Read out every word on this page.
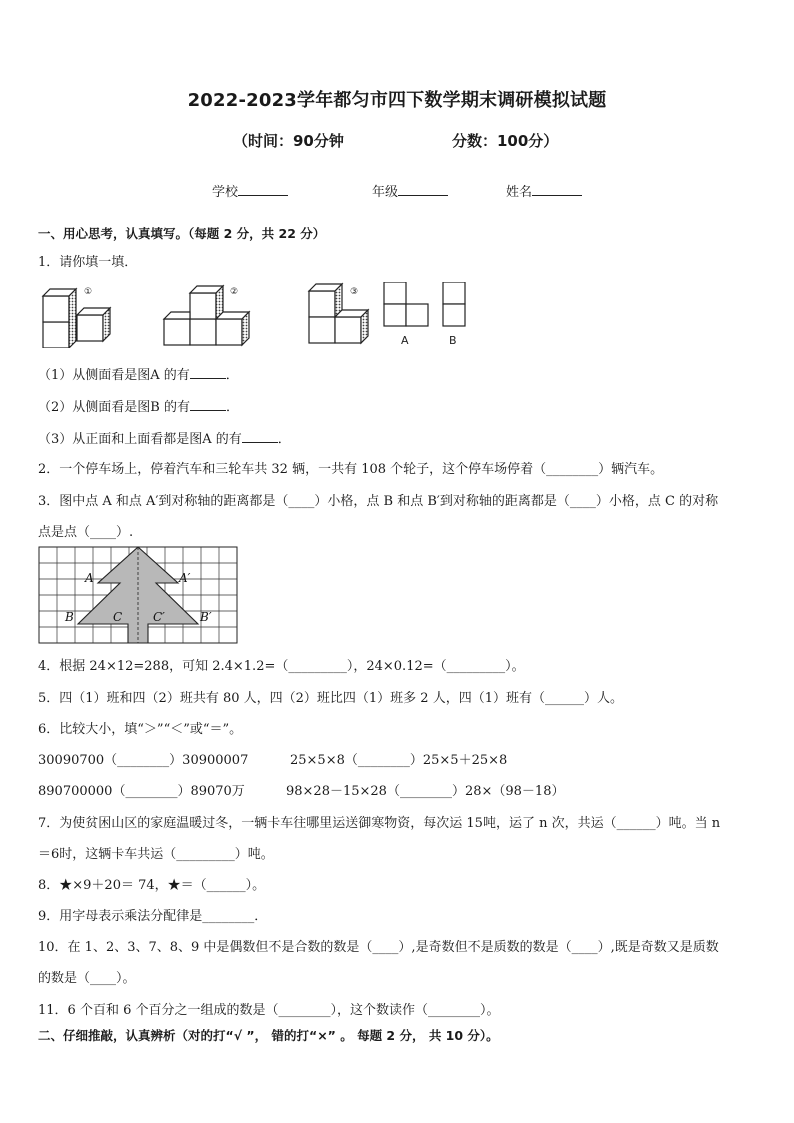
2022-2023学年都匀市四下数学期末调研模拟试题
（时间：90分钟	分数：100分）
学校	年级	姓名
一、用心思考，认真填写。（每题 2 分，共 22 分）
1．请你填一填．
①	②	③
A	B
（1）从侧面看是图A 的有	．
（2）从侧面看是图B 的有	．
（3）从正面和上面看都是图A 的有	．
2．一个停车场上，停着汽车和三轮车共 32 辆，一共有 108 个轮子，这个停车场停着（________）辆汽车。
3．图中点 A 和点 A′到对称轴的距离都是（____）小格，点 B 和点 B′到对称轴的距离都是（____）小格，点 C 的对称
点是点（____）.
A	A′
B	C	C′	B′
4．根据 24×12=288，可知 2.4×1.2=（_________），24×0.12=（_________）。
5．四（1）班和四（2）班共有 80 人，四（2）班比四（1）班多 2 人，四（1）班有（______）人。
6．比较大小，填“＞”“＜”或“＝”。
30090700（________）30900007	25×5×8（________）25×5＋25×8
890700000（________）89070万	98×28－15×28（________）28×（98－18）
7．为使贫困山区的家庭温暖过冬，一辆卡车往哪里运送御寒物资，每次运 15吨，运了 n 次，共运（______）吨。当 n
＝6时，这辆卡车共运（_________）吨。
8．★×9＋20＝ 74，★＝（______）。
9．用字母表示乘法分配律是________．
10．在 1、2、3、7、8、9 中是偶数但不是合数的数是（____）,是奇数但不是质数的数是（____）,既是奇数又是质数
的数是（____）。
11．6 个百和 6 个百分之一组成的数是（________），这个数读作（________）。
二、仔细推敲，认真辨析（对的打“√ ”， 错的打“×” 。 每题 2 分， 共 10 分）。
